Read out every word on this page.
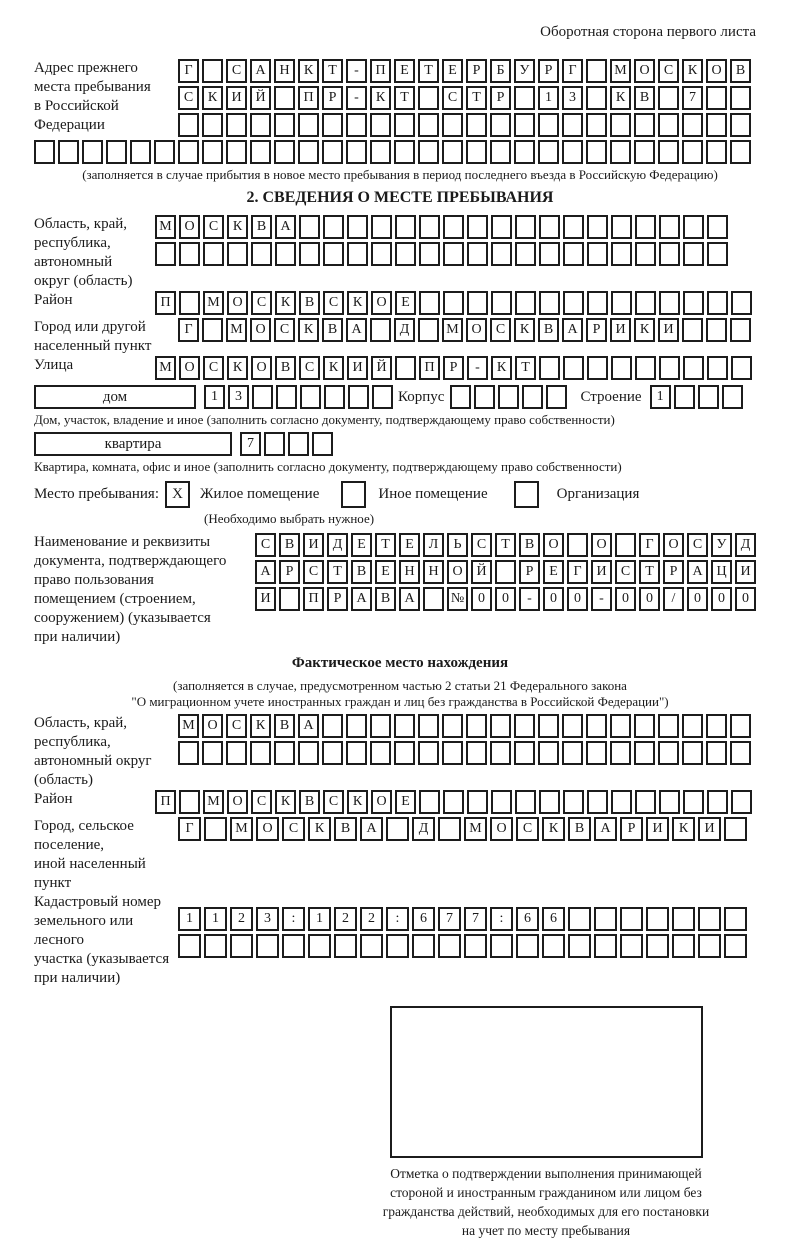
Оборотная сторона первого листа
Адрес прежнего
места пребывания
в Российской
Федерации
Г	С	А Н	К	Т	-	П	Е	Т	Е	Р	Б	У	Р	Г	М О	С	К	О	В
С	К	И Й	П	Р	-	К	Т	С	Т	Р	1	3	К	В	7
(заполняется в случае прибытия в новое место пребывания в период последнего въезда в Российскую Федерацию)
2. СВЕДЕНИЯ О МЕСТЕ ПРЕБЫВАНИЯ
Область, край,
республика,
автономный
округ (область)
М О	С	К	В	А
Район	П	М О	С	К	В	С	К	О	Е
Город или другой
населенный пункт
Г	М О	С	К	В	А	Д	М О	С	К	В	А	Р	И	К	И
Улица	М О	С	К	О	В	С	К	И Й	П	Р	-	К	Т
дом	1	3	Корпус	Строение	1
Дом, участок, владение и иное (заполнить согласно документу, подтверждающему право собственности)
квартира	7
Квартира, комната, офис и иное (заполнить согласно документу, подтверждающему право собственности)
Место пребывания: X	Жилое помещение	Иное помещение	Организация
(Необходимо выбрать нужное)
Наименование и реквизиты
документа, подтверждающего
право пользования
помещением (строением,
сооружением) (указывается
при наличии)
С	В	И	Д	Е	Т	Е	Л	Ь	С	Т	В	О	О	Г	О	С	У	Д
А	Р	С	Т	В	Е	Н Н О Й	Р	Е	Г	И	С	Т	Р	А Ц И
И	П	Р	А	В	А	№ 0	0	-	0	0	-	0	0	/	0	0	0
Фактическое место нахождения
(заполняется в случае, предусмотренном частью 2 статьи 21 Федерального закона
"О миграционном учете иностранных граждан и лиц без гражданства в Российской Федерации")
Область, край,
республика,
автономный округ
(область)
М О	С	К	В	А
Район	П	М О	С	К	В	С	К	О	Е
Город, сельское поселение,
иной населенный пункт
Г	М	О	С	К	В	А	Д	М	О	С	К	В	А	Р	И	К	И
Кадастровый номер
земельного или лесного
участка (указывается
при наличии)
1	1	2	3	:	1	2	2	:	6	7	7	:	6	6
Отметка о подтверждении выполнения принимающей
стороной и иностранным гражданином или лицом без
гражданства действий, необходимых для его постановки
на учет по месту пребывания
